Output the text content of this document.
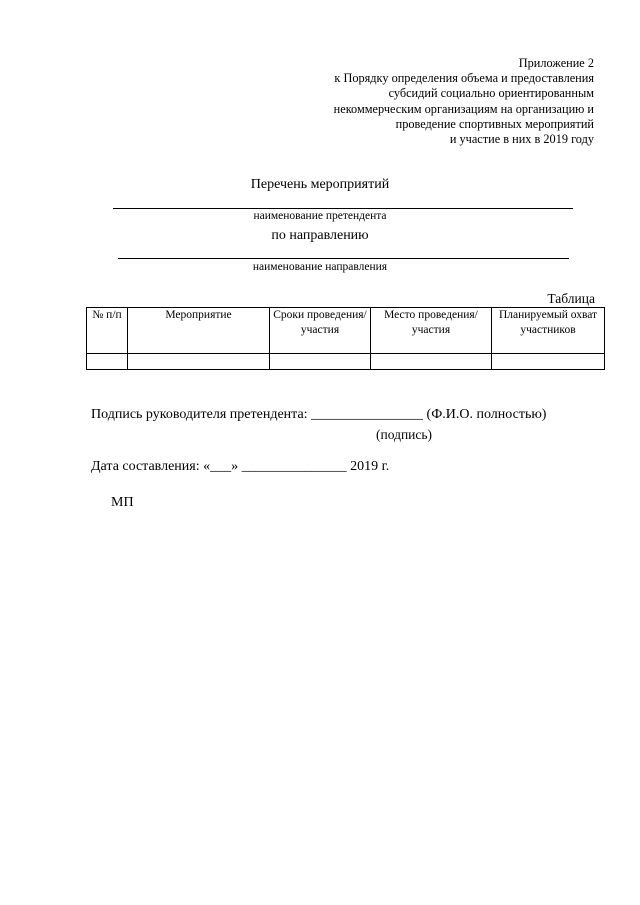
Приложение 2
к Порядку определения объема и предоставления
субсидий социально ориентированным
некоммерческим организациям на организацию и
проведение спортивных мероприятий
и участие в них в 2019 году
Перечень мероприятий
наименование претендента
по направлению
наименование направления
Таблица
№ п/п	Мероприятие	Сроки проведения/ участия	Место проведения/ участия	Планируемый охват участников

Подпись руководителя претендента: ________________ (Ф.И.О. полностью)
(подпись)
Дата составления: «___» _______________ 2019 г.
МП
